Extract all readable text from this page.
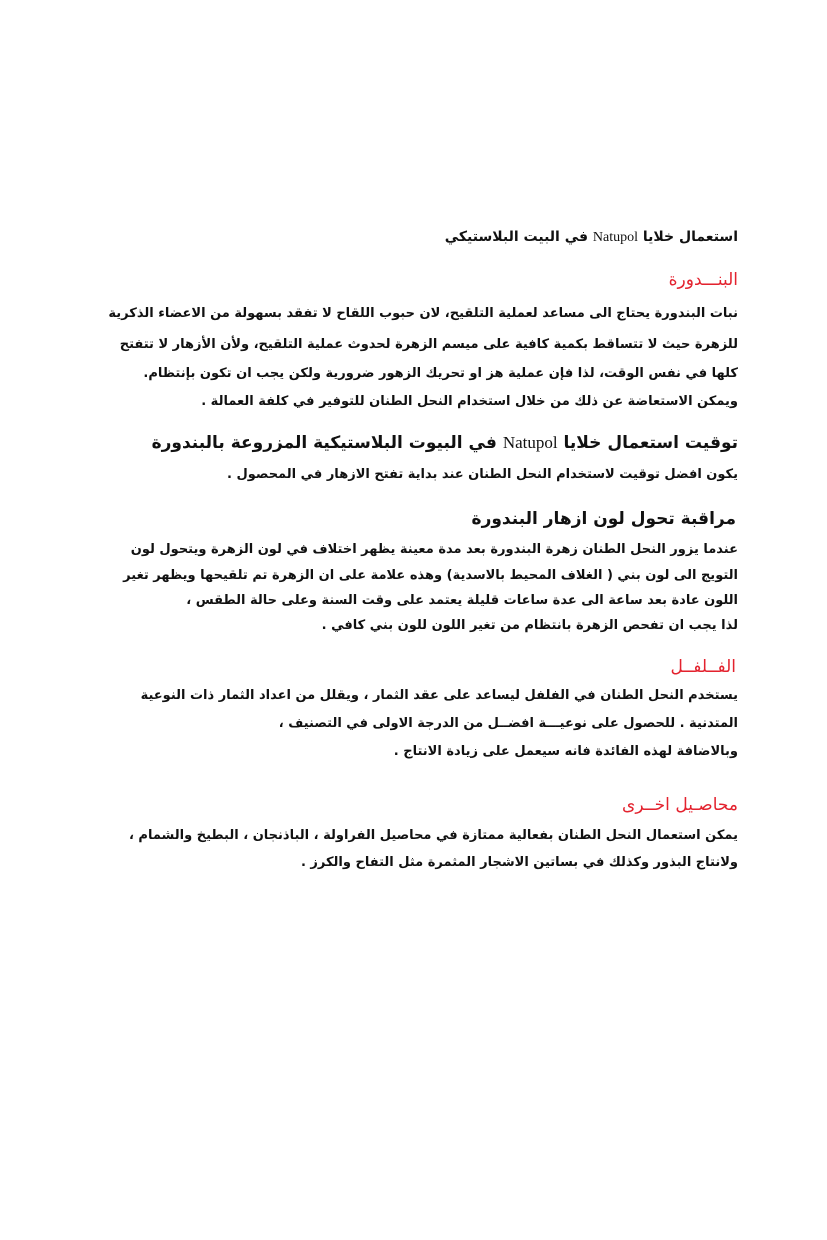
استعمال خلايا Natupol في البيت البلاستيكي

البنـــدورة

نبات البندورة يحتاج الى مساعد لعملية التلقيح، لان حبوب اللقاح لا تفقد بسهولة من الاعضاء الذكرية

للزهرة حيث لا تتساقط بكمية كافية على ميسم الزهرة لحدوث عملية التلقيح، ولأن الأزهار لا تتفتح

كلها في نفس الوقت، لذا فإن عملية هز او تحريك الزهور ضرورية ولكن يجب ان تكون بإنتظام.

ويمكن الاستعاضة عن ذلك من خلال استخدام النحل الطنان للتوفير في كلفة العمالة .

توقيت استعمال خلايا Natupol في البيوت البلاستيكية المزروعة بالبندورة

يكون افضل توقيت لاستخدام النحل الطنان عند بداية تفتح الازهار في المحصول .

مراقبة تحول لون ازهار البندورة

عندما يزور النحل الطنان زهرة البندورة بعد مدة معينة يظهر اختلاف في لون الزهرة ويتحول لون

التويج الى لون بني ( الغلاف المحيط بالاسدية) وهذه علامة على ان الزهرة تم تلقيحها ويظهر تغير

اللون عادة بعد ساعة الى عدة ساعات قليلة يعتمد على وقت السنة وعلى حالة الطقس ،

لذا يجب ان تفحص الزهرة بانتظام من تغير اللون للون بني كافي .

الفــلفــل

يستخدم النحل الطنان في الفلفل ليساعد على عقد الثمار ، ويقلل من اعداد الثمار ذات النوعية

المتدنية . للحصول على نوعيـــة افضــل من الدرجة الاولى في التصنيف ،

وبالاضافة لهذه الفائدة فانه سيعمل على زيادة الانتاج .

محاصـيل اخــرى

يمكن استعمال النحل الطنان بفعالية ممتازة في محاصيل الفراولة ، الباذنجان ، البطيخ والشمام ،

ولانتاج البذور وكذلك في بساتين الاشجار المثمرة مثل التفاح والكرز .
